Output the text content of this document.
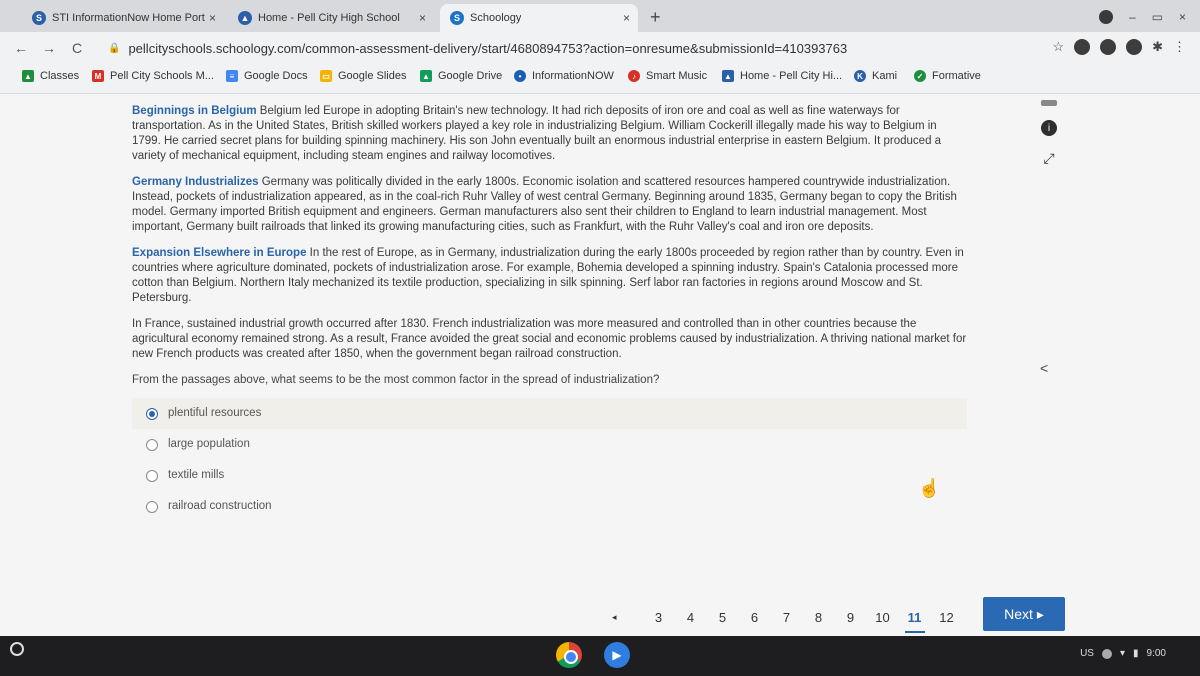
S STI InformationNow Home Port ×	▲ Home - Pell City High School ×	S Schoology	× +	– ▭ ×
← → C	🔒 pellcityschools.schoology.com/common-assessment-delivery/start/4680894753?action=onresume&submissionId=410393763	☆	✱ ⋮
▲ Classes	M Pell City Schools M...	≡ Google Docs ▭ Google Slides ▲ Google Drive	• InformationNOW	♪ Smart Music ▲ Home - Pell City Hi...	K Kami	✓ Formative

Beginnings in Belgium Belgium led Europe in adopting Britain's new technology. It had rich deposits of iron ore and coal as well as fine waterways for transportation. As in the United States, British skilled workers played a key role in industrializing Belgium. William Cockerill illegally made his way to Belgium in 1799. He carried secret plans for building spinning machinery. His son John eventually built an enormous industrial enterprise in eastern Belgium. It produced a variety of mechanical equipment, including steam engines and railway locomotives.

Germany Industrializes Germany was politically divided in the early 1800s. Economic isolation and scattered resources hampered countrywide industrialization. Instead, pockets of industrialization appeared, as in the coal-rich Ruhr Valley of west central Germany. Beginning around 1835, Germany began to copy the British model. Germany imported British equipment and engineers. German manufacturers also sent their children to England to learn industrial management. Most important, Germany built railroads that linked its growing manufacturing cities, such as Frankfurt, with the Ruhr Valley's coal and iron ore deposits.

Expansion Elsewhere in Europe In the rest of Europe, as in Germany, industrialization during the early 1800s proceeded by region rather than by country. Even in countries where agriculture dominated, pockets of industrialization arose. For example, Bohemia developed a spinning industry. Spain's Catalonia processed more cotton than Belgium. Northern Italy mechanized its textile production, specializing in silk spinning. Serf labor ran factories in regions around Moscow and St. Petersburg.

In France, sustained industrial growth occurred after 1830. French industrialization was more measured and controlled than in other countries because the agricultural economy remained strong. As a result, France avoided the great social and economic problems caused by industrialization. A thriving national market for new French products was created after 1850, when the government began railroad construction.

From the passages above, what seems to be the most common factor in the spread of industrialization?

plentiful resources
large population
textile mills
railroad construction
i
⤢
<
☝
◂	3	4	5	6	7	8	9	10	11	12	Next ▸
▶	US	▾ ▮ 9:00
